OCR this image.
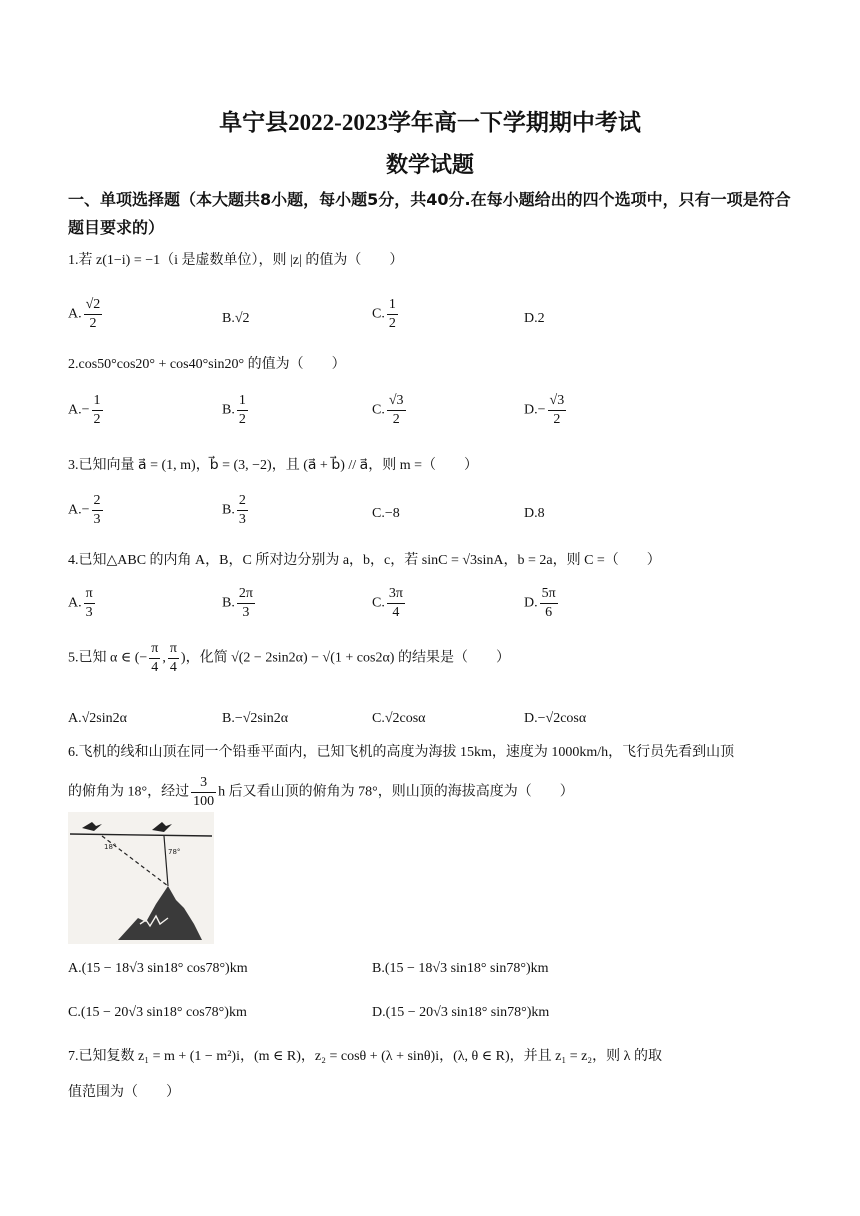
阜宁县2022-2023学年高一下学期期中考试
数学试题
一、单项选择题（本大题共8小题，每小题5分，共40分.在每小题给出的四个选项中，只有一项是符合题目要求的）
1.若 z(1−i) = −1（i 是虚数单位），则 |z| 的值为（　　）
A. $\frac{√2}{2}$	B.√2	C. $\frac{1}{2}$	D.2
2.cos50°cos20° + cos40°sin20° 的值为（　　）
$A.- \frac{1}{2}$	B. $\frac{1}{2}$	C. $\frac{√3}{2}$	$D.- \frac{√3}{2}$
3.已知向量 a⃗ = (1, m)，b⃗ = (3, −2)，且 (a⃗ + b⃗) // a⃗，则 m =（　　）
$A.- \frac{2}{3}$	B. $\frac{2}{3}$	C.−8	D.8
4.已知△ABC 的内角 A，B，C 所对边分别为 a，b，c，若 sinC = √3sinA，b = 2a，则 C =（　　）
A. $\frac{\pi}{3}$	B. $\frac{2\pi}{3}$	C. $\frac{3\pi}{4}$	D. $\frac{5\pi}{6}$
5.已知 α ∈ (− $\frac{\pi}{4}$ , $\frac{\pi}{4}$ )，化简 √(2 − 2sin2α) − √(1 + cos2α) 的结果是（　　）
A.√2sin2α	B.−√2sin2α	C.√2cosα	D.−√2cosα
6.飞机的线和山顶在同一个铅垂平面内，已知飞机的高度为海拔 15km，速度为 1000km/h，飞行员先看到山顶
的俯角为 18°，经过 $\frac{3}{100}$ h 后又看山顶的俯角为 78°，则山顶的海拔高度为（　　）
18°
78°
A.(15 − 18√3 sin18° cos78°)km	B.(15 − 18√3 sin18° sin78°)km
C.(15 − 20√3 sin18° cos78°)km	D.(15 − 20√3 sin18° sin78°)km
7.已知复数 z₁ = m + (1 − m²)i，(m ∈ R)，z₂ = cosθ + (λ + sinθ)i，(λ, θ ∈ R)，并且 z₁ = z₂，则 λ 的取
值范围为（　　）
